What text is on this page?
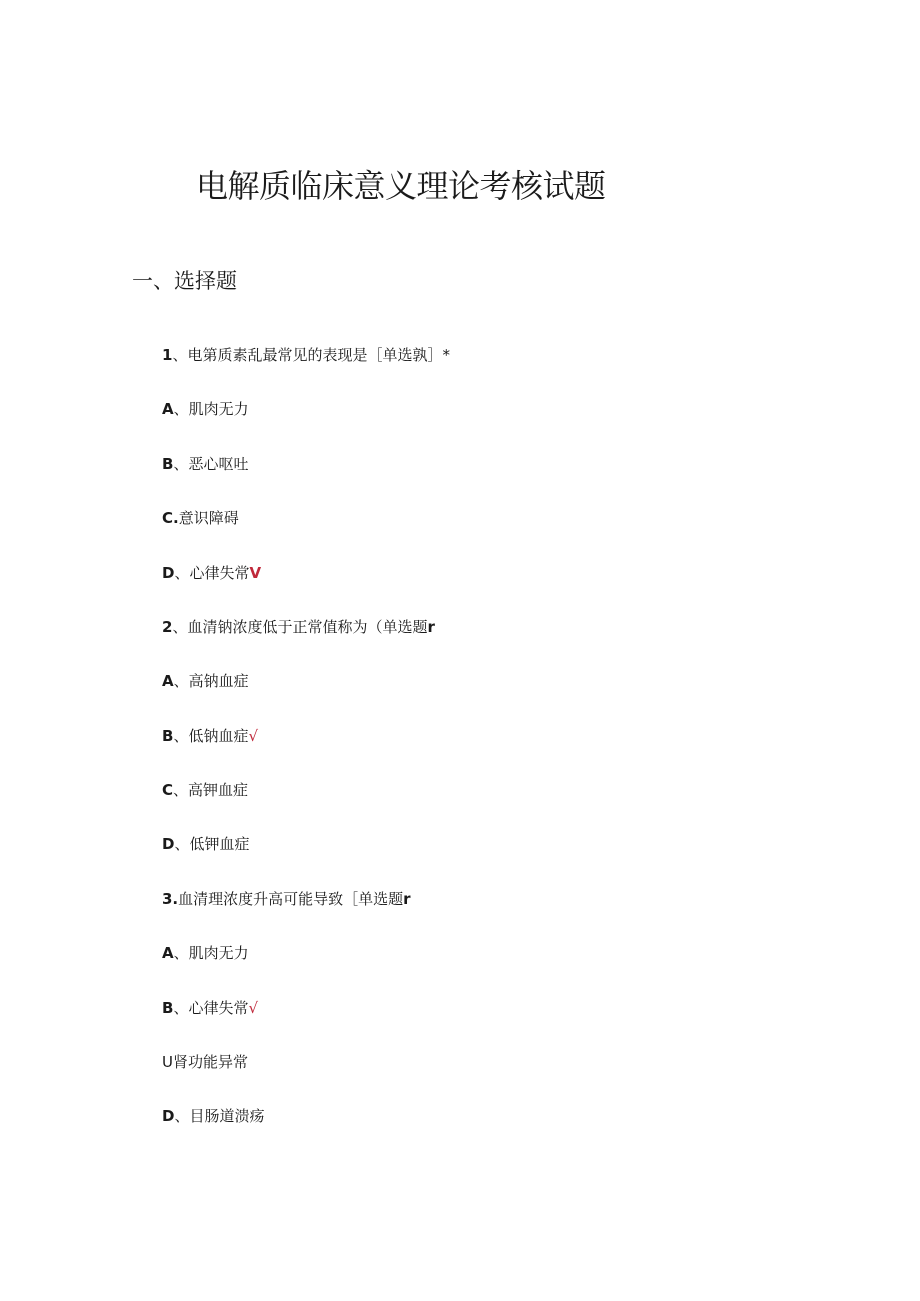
电解质临床意义理论考核试题
一、选择题
1、电第质素乱最常见的表现是［单选孰］*
A、肌肉无力
B、恶心呕吐
C.意识障碍
D、心律失常V
2、血清钠浓度低于正常值称为（单选题r
A、高钠血症
B、低钠血症√
C、高钾血症
D、低钾血症
3.血清理浓度升高可能导致［单选题r
A、肌肉无力
B、心律失常√
U肾功能异常
D、目肠道溃疡
